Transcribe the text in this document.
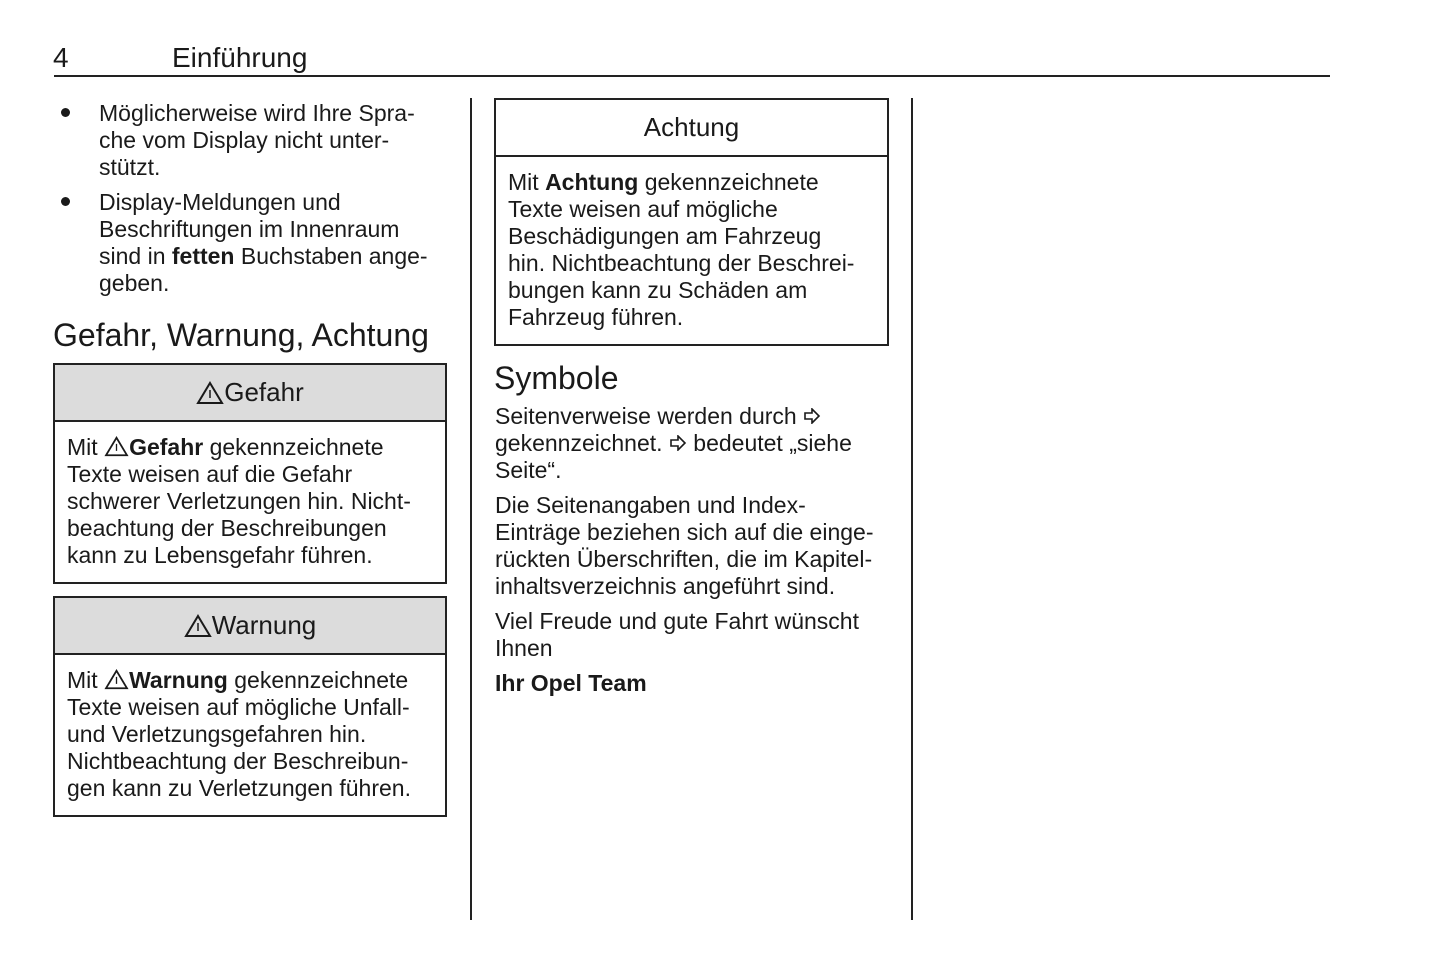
4	Einführung
Möglicherweise wird Ihre Spra-
che vom Display nicht unter-
stützt.
Display-Meldungen und
Beschriftungen im Innenraum
sind in fetten Buchstaben ange-
geben.
Gefahr, Warnung, Achtung
Gefahr
Mit Gefahr gekennzeichnete
Texte weisen auf die Gefahr
schwerer Verletzungen hin. Nicht-
beachtung der Beschreibungen
kann zu Lebensgefahr führen.
Warnung
Mit Warnung gekennzeichnete
Texte weisen auf mögliche Unfall-
und Verletzungsgefahren hin.
Nichtbeachtung der Beschreibun-
gen kann zu Verletzungen führen.
Achtung
Mit Achtung gekennzeichnete
Texte weisen auf mögliche
Beschädigungen am Fahrzeug
hin. Nichtbeachtung der Beschrei-
bungen kann zu Schäden am
Fahrzeug führen.
Symbole
Seitenverweise werden durch
gekennzeichnet.  bedeutet „siehe
Seite“.
Die Seitenangaben und Index-
Einträge beziehen sich auf die einge-
rückten Überschriften, die im Kapitel-
inhaltsverzeichnis angeführt sind.
Viel Freude und gute Fahrt wünscht
Ihnen
Ihr Opel Team
